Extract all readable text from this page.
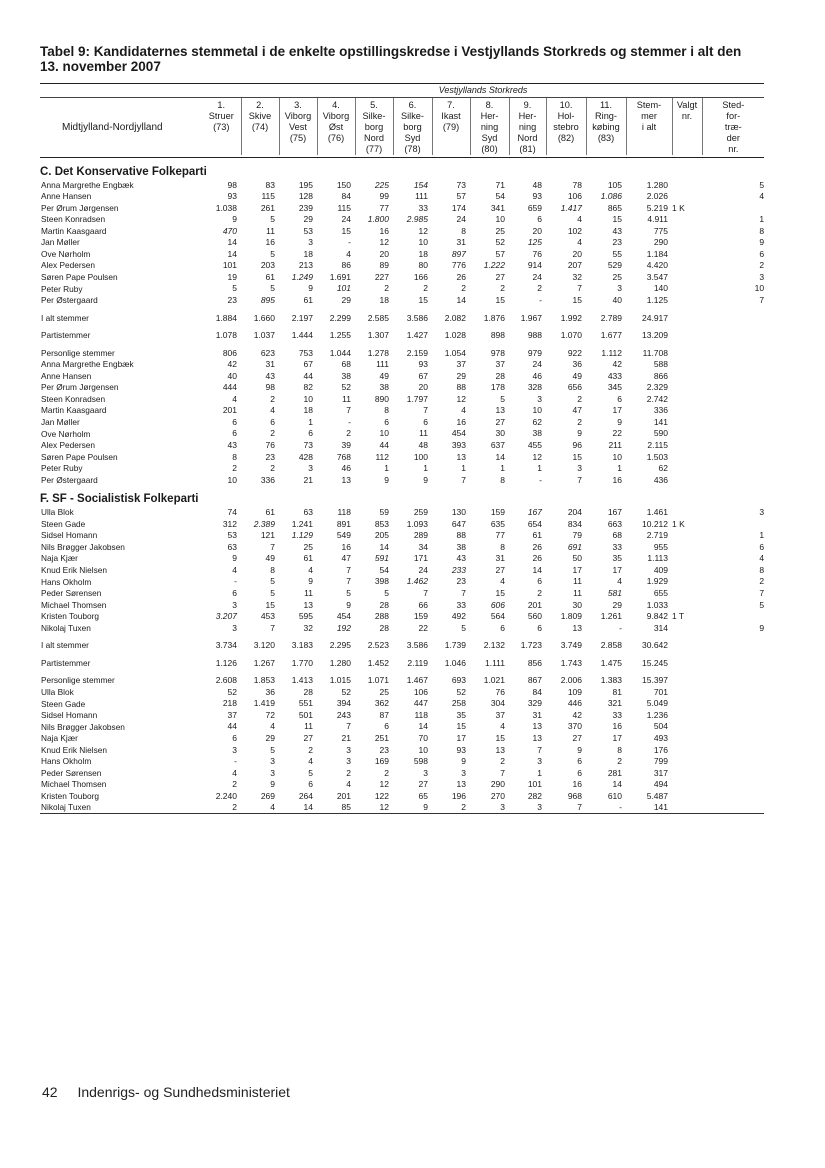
Tabel 9: Kandidaternes stemmetal i de enkelte opstillingskredse i Vestjyllands Storkreds og stemmer i alt den 13. november 2007
	Vestjyllands Storkreds													
Midtjylland-Nordjylland	1.
Struer
(73)	2.
Skive
(74)	3.
Viborg
Vest
(75)	4.
Viborg
Øst
(76)	5.
Silke-
borg
Nord
(77)	6.
Silke-
borg
Syd
(78)	7.
Ikast
(79)	8.
Her-
ning
Syd
(80)	9.
Her-
ning
Nord
(81)	10.
Hol-
stebro
(82)	11.
Ring-
købing
(83)	Stem-
mer
i alt	Valgt
nr.	Sted-
for-
træ-
der
nr.

C. Det Konservative Folkeparti														
Anna Margrethe Engbæk	98	83	195	150	225	154	73	71	48	78	105	1.280		5
Anne Hansen	93	115	128	84	99	111	57	54	93	106	1.086	2.026		4
Per Ørum Jørgensen	1.038	261	239	115	77	33	174	341	659	1.417	865	5.219	1 K	
Steen Konradsen	9	5	29	24	1.800	2.985	24	10	6	4	15	4.911		1
Martin Kaasgaard	470	11	53	15	16	12	8	25	20	102	43	775		8
Jan Møller	14	16	3	-	12	10	31	52	125	4	23	290		9
Ove Nørholm	14	5	18	4	20	18	897	57	76	20	55	1.184		6
Alex Pedersen	101	203	213	86	89	80	776	1.222	914	207	529	4.420		2
Søren Pape Poulsen	19	61	1.249	1.691	227	166	26	27	24	32	25	3.547		3
Peter Ruby	5	5	9	101	2	2	2	2	2	7	3	140		10
Per Østergaard	23	895	61	29	18	15	14	15	-	15	40	1.125		7

I alt stemmer	1.884	1.660	2.197	2.299	2.585	3.586	2.082	1.876	1.967	1.992	2.789	24.917		

Partistemmer	1.078	1.037	1.444	1.255	1.307	1.427	1.028	898	988	1.070	1.677	13.209		

Personlige stemmer	806	623	753	1.044	1.278	2.159	1.054	978	979	922	1.112	11.708		
Anna Margrethe Engbæk	42	31	67	68	111	93	37	37	24	36	42	588		
Anne Hansen	40	43	44	38	49	67	29	28	46	49	433	866		
Per Ørum Jørgensen	444	98	82	52	38	20	88	178	328	656	345	2.329		
Steen Konradsen	4	2	10	11	890	1.797	12	5	3	2	6	2.742		
Martin Kaasgaard	201	4	18	7	8	7	4	13	10	47	17	336		
Jan Møller	6	6	1	-	6	6	16	27	62	2	9	141		
Ove Nørholm	6	2	6	2	10	11	454	30	38	9	22	590		
Alex Pedersen	43	76	73	39	44	48	393	637	455	96	211	2.115		
Søren Pape Poulsen	8	23	428	768	112	100	13	14	12	15	10	1.503		
Peter Ruby	2	2	3	46	1	1	1	1	1	3	1	62		
Per Østergaard	10	336	21	13	9	9	7	8	-	7	16	436		
F. SF - Socialistisk Folkeparti														
Ulla Blok	74	61	63	118	59	259	130	159	167	204	167	1.461		3
Steen Gade	312	2.389	1.241	891	853	1.093	647	635	654	834	663	10.212	1 K	
Sidsel Homann	53	121	1.129	549	205	289	88	77	61	79	68	2.719		1
Nils Brøgger Jakobsen	63	7	25	16	14	34	38	8	26	691	33	955		6
Naja Kjær	9	49	61	47	591	171	43	31	26	50	35	1.113		4
Knud Erik Nielsen	4	8	4	7	54	24	233	27	14	17	17	409		8
Hans Okholm	-	5	9	7	398	1.462	23	4	6	11	4	1.929		2
Peder Sørensen	6	5	11	5	5	7	7	15	2	11	581	655		7
Michael Thomsen	3	15	13	9	28	66	33	606	201	30	29	1.033		5
Kristen Touborg	3.207	453	595	454	288	159	492	564	560	1.809	1.261	9.842	1 T	
Nikolaj Tuxen	3	7	32	192	28	22	5	6	6	13	-	314		9

I alt stemmer	3.734	3.120	3.183	2.295	2.523	3.586	1.739	2.132	1.723	3.749	2.858	30.642		

Partistemmer	1.126	1.267	1.770	1.280	1.452	2.119	1.046	1.111	856	1.743	1.475	15.245		

Personlige stemmer	2.608	1.853	1.413	1.015	1.071	1.467	693	1.021	867	2.006	1.383	15.397		
Ulla Blok	52	36	28	52	25	106	52	76	84	109	81	701		
Steen Gade	218	1.419	551	394	362	447	258	304	329	446	321	5.049		
Sidsel Homann	37	72	501	243	87	118	35	37	31	42	33	1.236		
Nils Brøgger Jakobsen	44	4	11	7	6	14	15	4	13	370	16	504		
Naja Kjær	6	29	27	21	251	70	17	15	13	27	17	493		
Knud Erik Nielsen	3	5	2	3	23	10	93	13	7	9	8	176		
Hans Okholm	-	3	4	3	169	598	9	2	3	6	2	799		
Peder Sørensen	4	3	5	2	2	3	3	7	1	6	281	317		
Michael Thomsen	2	9	6	4	12	27	13	290	101	16	14	494		
Kristen Touborg	2.240	269	264	201	122	65	196	270	282	968	610	5.487		
Nikolaj Tuxen	2	4	14	85	12	9	2	3	3	7	-	141		
42 Indenrigs- og Sundhedsministeriet
